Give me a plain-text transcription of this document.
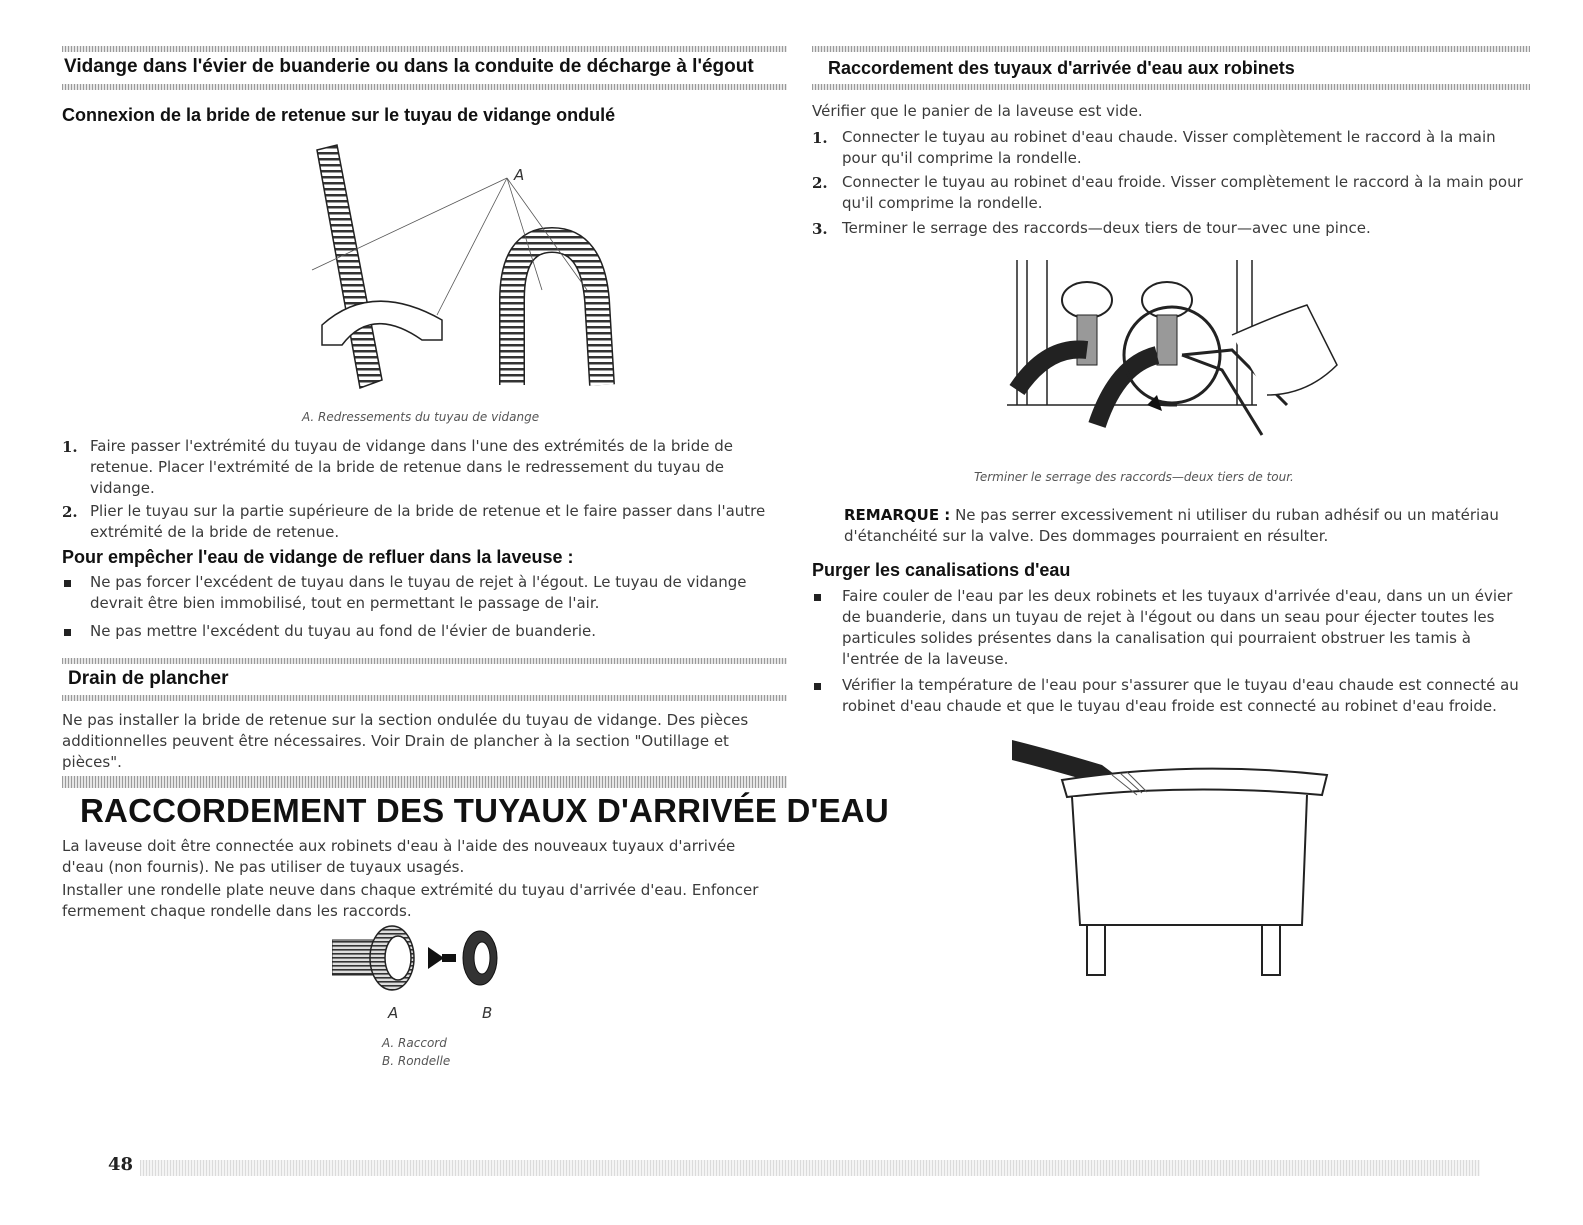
Vidange dans l'évier de buanderie ou dans la conduite de décharge à l'égout
Connexion de la bride de retenue sur le tuyau de vidange ondulé
A
A. Redressements du tuyau de vidange
1. Faire passer l'extrémité du tuyau de vidange dans l'une des extrémités de la bride de retenue. Placer l'extrémité de la bride de retenue dans le redressement du tuyau de vidange.
2. Plier le tuyau sur la partie supérieure de la bride de retenue et le faire passer dans l'autre extrémité de la bride de retenue.
Pour empêcher l'eau de vidange de refluer dans la laveuse :
Ne pas forcer l'excédent de tuyau dans le tuyau de rejet à l'égout. Le tuyau de vidange devrait être bien immobilisé, tout en permettant le passage de l'air.
Ne pas mettre l'excédent du tuyau au fond de l'évier de buanderie.
Drain de plancher
Ne pas installer la bride de retenue sur la section ondulée du tuyau de vidange. Des pièces additionnelles peuvent être nécessaires. Voir Drain de plancher à la section "Outillage et pièces".
RACCORDEMENT DES TUYAUX D'ARRIVÉE D'EAU
La laveuse doit être connectée aux robinets d'eau à l'aide des nouveaux tuyaux d'arrivée d'eau (non fournis). Ne pas utiliser de tuyaux usagés.
Installer une rondelle plate neuve dans chaque extrémité du tuyau d'arrivée d'eau. Enfoncer fermement chaque rondelle dans les raccords.
A	B
A. Raccord
B. Rondelle
Raccordement des tuyaux d'arrivée d'eau aux robinets
Vérifier que le panier de la laveuse est vide.
1. Connecter le tuyau au robinet d'eau chaude. Visser complètement le raccord à la main pour qu'il comprime la rondelle.
2. Connecter le tuyau au robinet d'eau froide. Visser complètement le raccord à la main pour qu'il comprime la rondelle.
3. Terminer le serrage des raccords—deux tiers de tour—avec une pince.
Terminer le serrage des raccords—deux tiers de tour.
REMARQUE : Ne pas serrer excessivement ni utiliser du ruban adhésif ou un matériau d'étanchéité sur la valve. Des dommages pourraient en résulter.
Purger les canalisations d'eau
Faire couler de l'eau par les deux robinets et les tuyaux d'arrivée d'eau, dans un un évier de buanderie, dans un tuyau de rejet à l'égout ou dans un seau pour éjecter toutes les particules solides présentes dans la canalisation qui pourraient obstruer les tamis à l'entrée de la laveuse.
Vérifier la température de l'eau pour s'assurer que le tuyau d'eau chaude est connecté au robinet d'eau chaude et que le tuyau d'eau froide est connecté au robinet d'eau froide.
48
